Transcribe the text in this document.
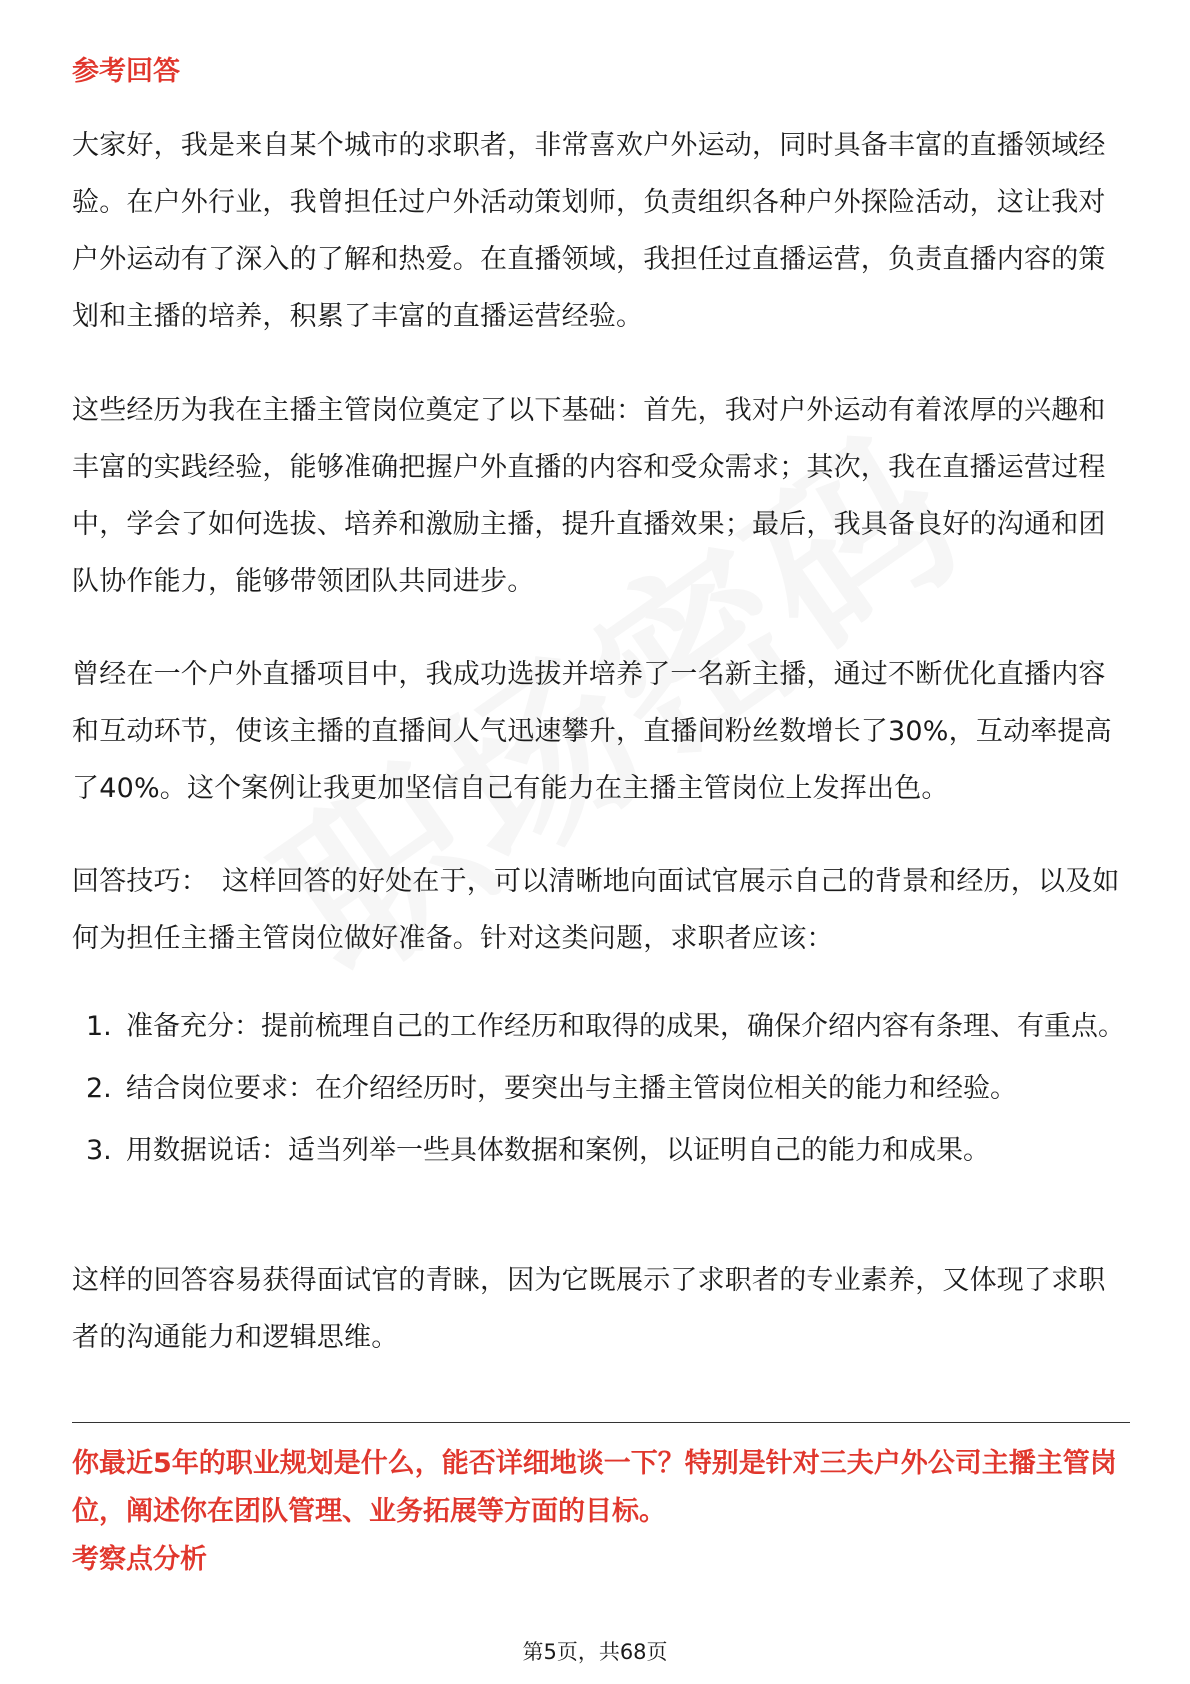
参考回答

大家好，我是来自某个城市的求职者，非常喜欢户外运动，同时具备丰富的直播领域经验。在户外行业，我曾担任过户外活动策划师，负责组织各种户外探险活动，这让我对户外运动有了深入的了解和热爱。在直播领域，我担任过直播运营，负责直播内容的策划和主播的培养，积累了丰富的直播运营经验。

这些经历为我在主播主管岗位奠定了以下基础：首先，我对户外运动有着浓厚的兴趣和丰富的实践经验，能够准确把握户外直播的内容和受众需求；其次，我在直播运营过程中，学会了如何选拔、培养和激励主播，提升直播效果；最后，我具备良好的沟通和团队协作能力，能够带领团队共同进步。

曾经在一个户外直播项目中，我成功选拔并培养了一名新主播，通过不断优化直播内容和互动环节，使该主播的直播间人气迅速攀升，直播间粉丝数增长了30%，互动率提高了40%。这个案例让我更加坚信自己有能力在主播主管岗位上发挥出色。

回答技巧： 这样回答的好处在于，可以清晰地向面试官展示自己的背景和经历，以及如何为担任主播主管岗位做好准备。针对这类问题，求职者应该：

1. 准备充分：提前梳理自己的工作经历和取得的成果，确保介绍内容有条理、有重点。
2. 结合岗位要求：在介绍经历时，要突出与主播主管岗位相关的能力和经验。
3. 用数据说话：适当列举一些具体数据和案例，以证明自己的能力和成果。

这样的回答容易获得面试官的青睐，因为它既展示了求职者的专业素养，又体现了求职者的沟通能力和逻辑思维。

你最近5年的职业规划是什么，能否详细地谈一下？特别是针对三夫户外公司主播主管岗位，阐述你在团队管理、业务拓展等方面的目标。

考察点分析
第5页，共68页
